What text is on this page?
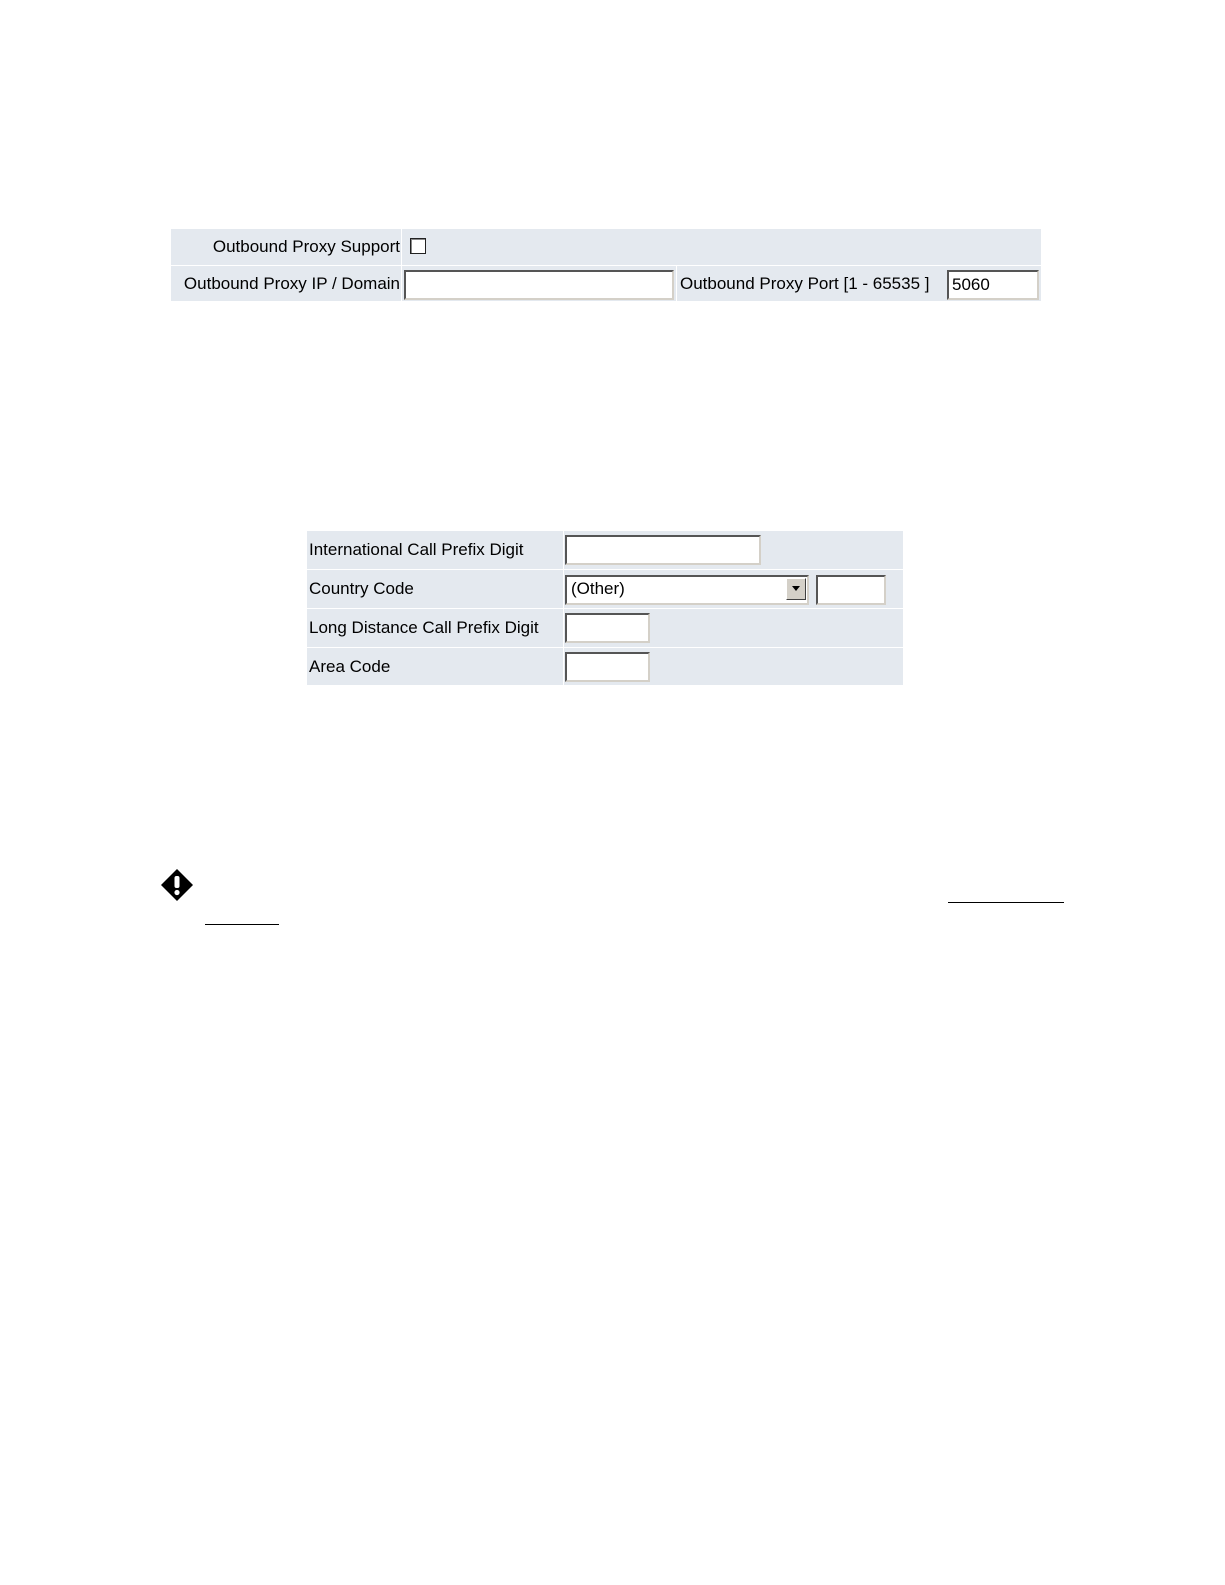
Outbound Proxy Support
Outbound Proxy IP / Domain	Outbound Proxy Port [1 - 65535 ] 5060
International Call Prefix Digit
Country Code	(Other)
Long Distance Call Prefix Digit
Area Code
